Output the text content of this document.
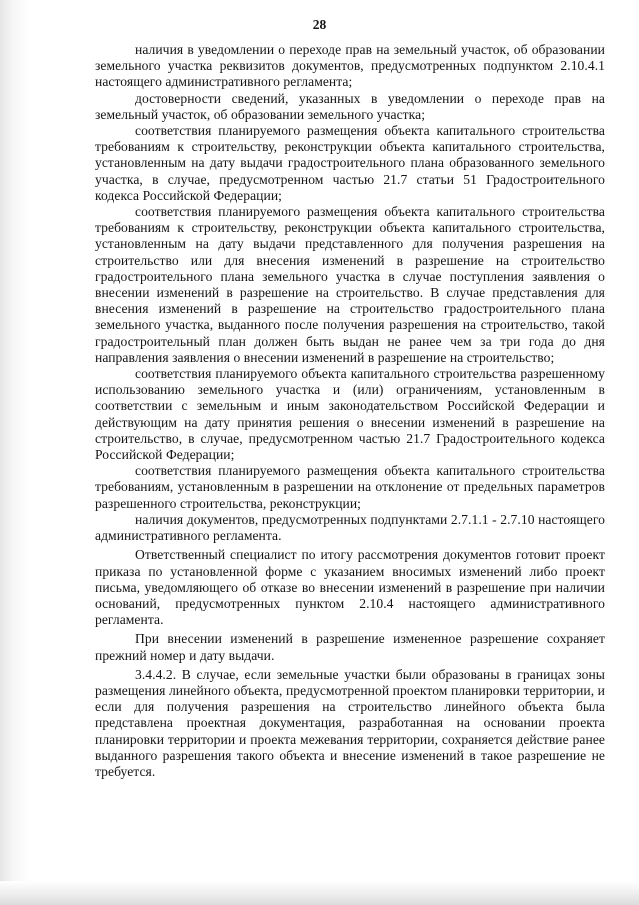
28

наличия в уведомлении о переходе прав на земельный участок, об образовании земельного участка реквизитов документов, предусмотренных подпунктом 2.10.4.1 настоящего административного регламента;

достоверности сведений, указанных в уведомлении о переходе прав на земельный участок, об образовании земельного участка;

соответствия планируемого размещения объекта капитального строительства требованиям к строительству, реконструкции объекта капитального строительства, установленным на дату выдачи градостроительного плана образованного земельного участка, в случае, предусмотренном частью 21.7 статьи 51 Градостроительного кодекса Российской Федерации;

соответствия планируемого размещения объекта капитального строительства требованиям к строительству, реконструкции объекта капитального строительства, установленным на дату выдачи представленного для получения разрешения на строительство или для внесения изменений в разрешение на строительство градостроительного плана земельного участка в случае поступления заявления о внесении изменений в разрешение на строительство. В случае представления для внесения изменений в разрешение на строительство градостроительного плана земельного участка, выданного после получения разрешения на строительство, такой градостроительный план должен быть выдан не ранее чем за три года до дня направления заявления о внесении изменений в разрешение на строительство;

соответствия планируемого объекта капитального строительства разрешенному использованию земельного участка и (или) ограничениям, установленным в соответствии с земельным и иным законодательством Российской Федерации и действующим на дату принятия решения о внесении изменений в разрешение на строительство, в случае, предусмотренном частью 21.7 Градостроительного кодекса Российской Федерации;

соответствия планируемого размещения объекта капитального строительства требованиям, установленным в разрешении на отклонение от предельных параметров разрешенного строительства, реконструкции;

наличия документов, предусмотренных подпунктами 2.7.1.1 - 2.7.10 настоящего административного регламента.

Ответственный специалист по итогу рассмотрения документов готовит проект приказа по установленной форме с указанием вносимых изменений либо проект письма, уведомляющего об отказе во внесении изменений в разрешение при наличии оснований, предусмотренных пунктом 2.10.4 настоящего административного регламента.

При внесении изменений в разрешение измененное разрешение сохраняет прежний номер и дату выдачи.

3.4.4.2. В случае, если земельные участки были образованы в границах зоны размещения линейного объекта, предусмотренной проектом планировки территории, и если для получения разрешения на строительство линейного объекта была представлена проектная документация, разработанная на основании проекта планировки территории и проекта межевания территории, сохраняется действие ранее выданного разрешения такого объекта и внесение изменений в такое разрешение не требуется.
